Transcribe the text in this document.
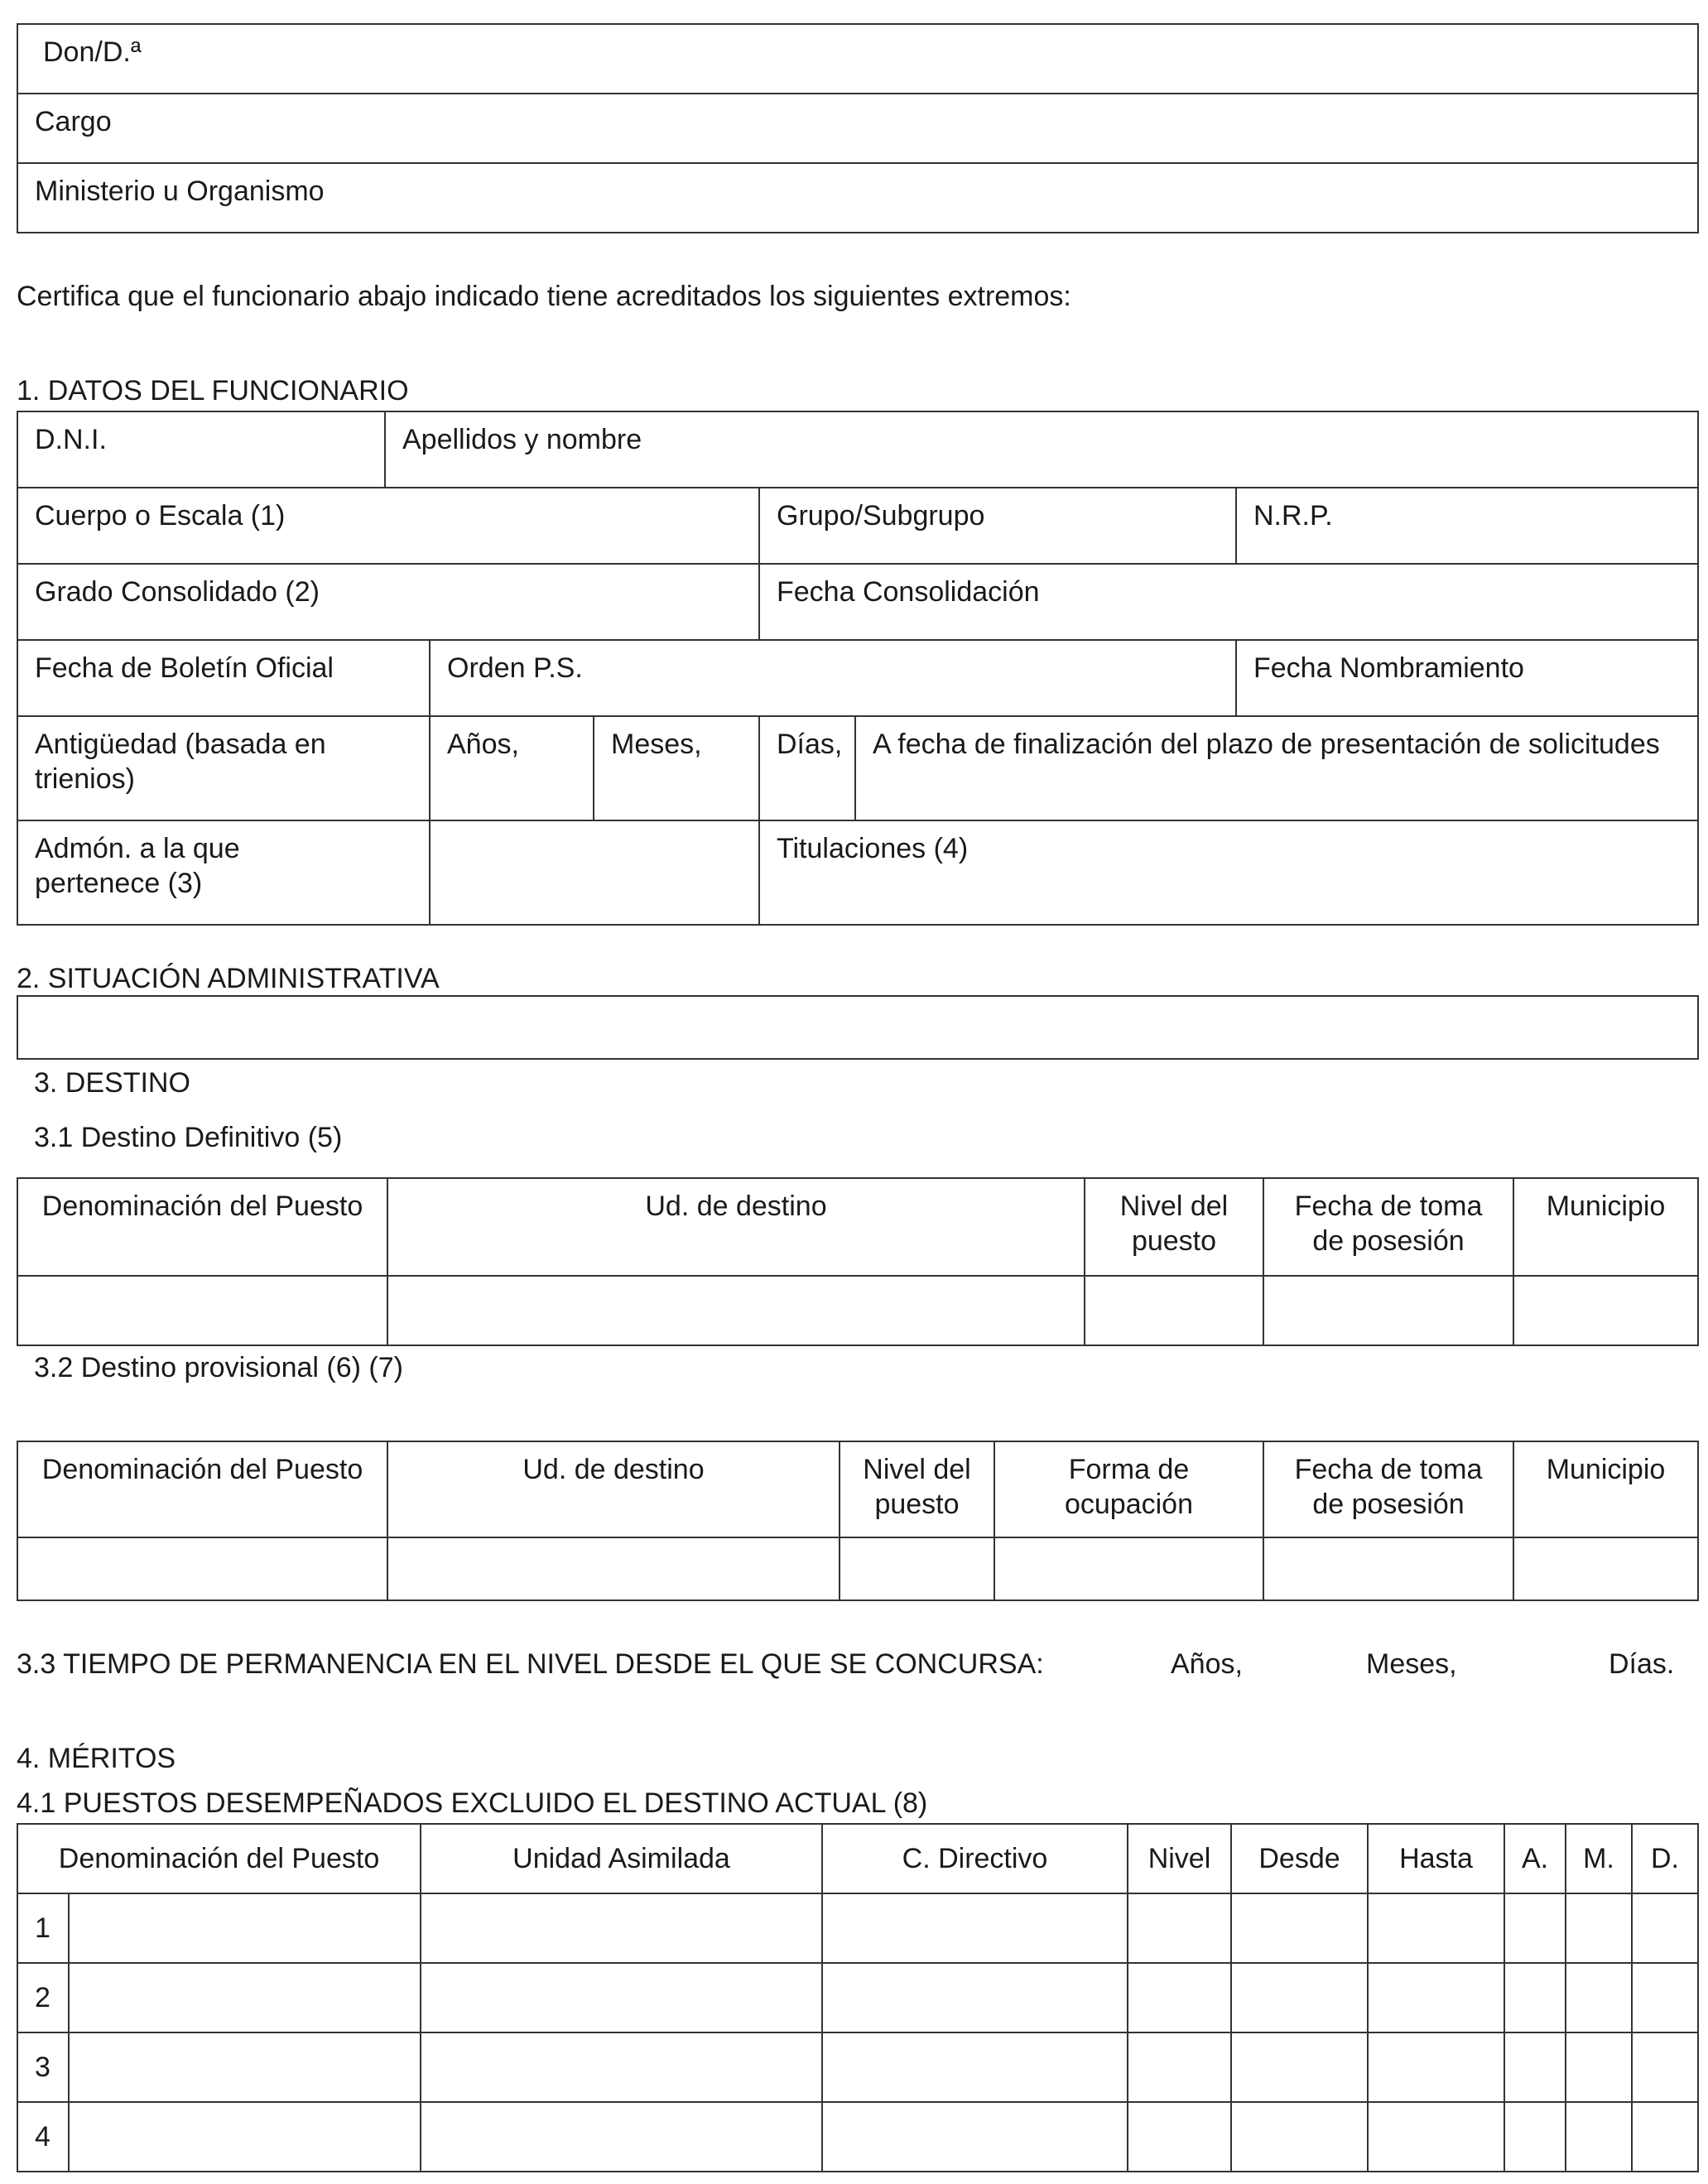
Don/D.ª
Cargo
Ministerio u Organismo
Certifica que el funcionario abajo indicado tiene acreditados los siguientes extremos:
1. DATOS DEL FUNCIONARIO
D.N.I.	Apellidos y nombre					
Cuerpo o Escala (1)				Grupo/Subgrupo		N.R.P.
Grado Consolidado (2)				Fecha Consolidación		
Fecha de Boletín Oficial		Orden P.S.				Fecha Nombramiento
Antigüedad (basada en trienios)		Años,	Meses,	Días,	A fecha de finalización del plazo de presentación de solicitudes	

Admón. a la que pertenece (3)				Titulaciones (4)		
2. SITUACIÓN ADMINISTRATIVA
3. DESTINO
3.1 Destino Definitivo (5)
Denominación del Puesto	Ud. de destino	Nivel del puesto	Fecha de toma de posesión	Municipio

3.2 Destino provisional (6) (7)
Denominación del Puesto	Ud. de destino	Nivel del puesto	Forma de ocupación	Fecha de toma de posesión	Municipio

3.3 TIEMPO DE PERMANENCIA EN EL NIVEL DESDE EL QUE SE CONCURSA:	Años,	Meses,	Días.
4. MÉRITOS
4.1 PUESTOS DESEMPEÑADOS EXCLUIDO EL DESTINO ACTUAL (8)
Denominación del Puesto		Unidad Asimilada	C. Directivo	Nivel	Desde	Hasta	A.	M.	D.
1									
2									
3									
4									
